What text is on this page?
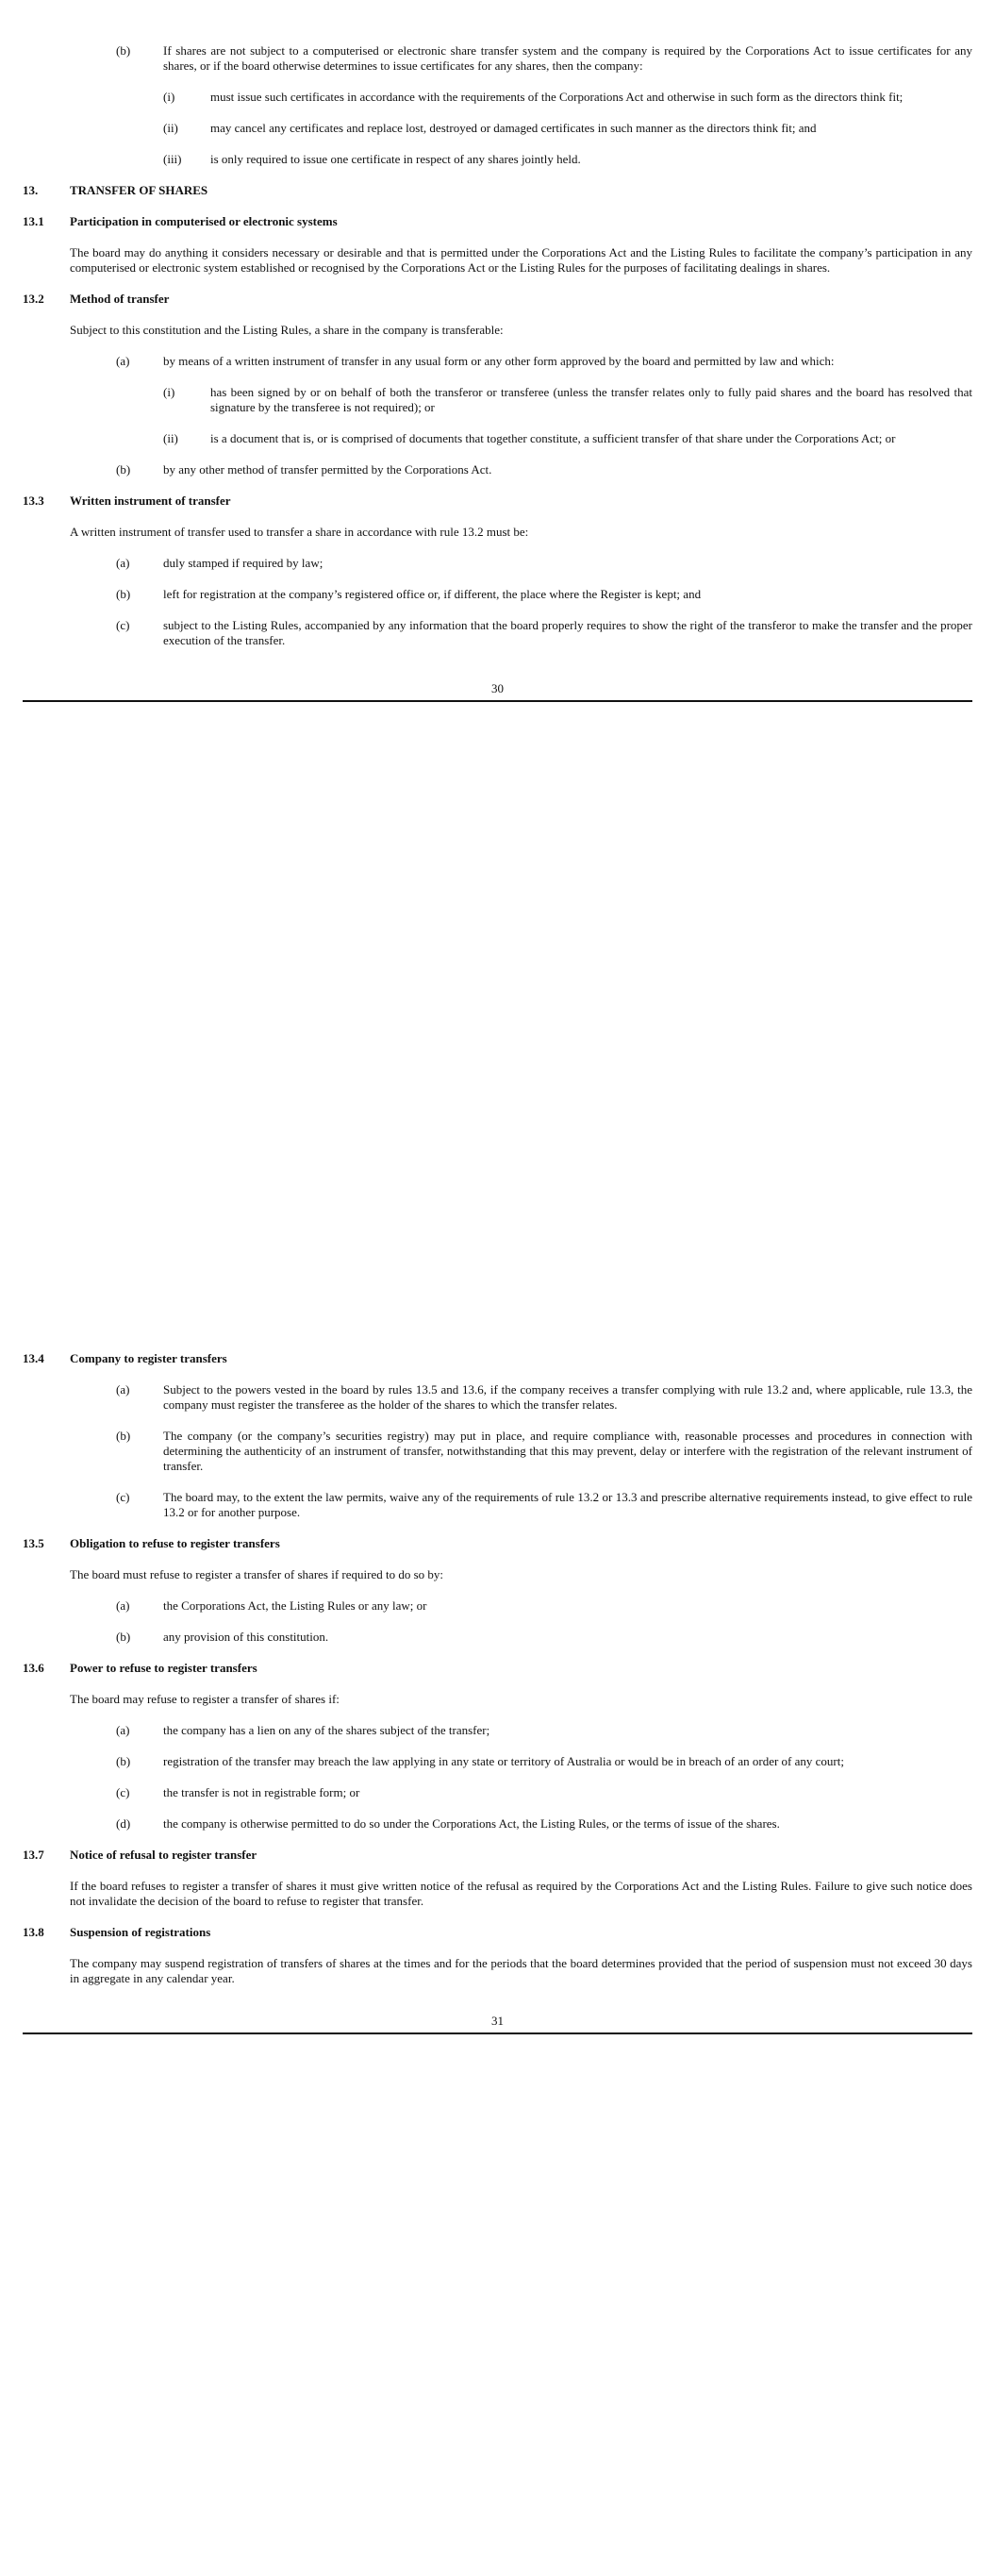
(b)	If shares are not subject to a computerised or electronic share transfer system and the company is required by the Corporations Act to issue certificates for any shares, or if the board otherwise determines to issue certificates for any shares, then the company:
(i)	must issue such certificates in accordance with the requirements of the Corporations Act and otherwise in such form as the directors think fit;
(ii)	may cancel any certificates and replace lost, destroyed or damaged certificates in such manner as the directors think fit; and
(iii) is only required to issue one certificate in respect of any shares jointly held.
13.	TRANSFER OF SHARES
13.1 Participation in computerised or electronic systems
The board may do anything it considers necessary or desirable and that is permitted under the Corporations Act and the Listing Rules to facilitate the company’s participation in any computerised or electronic system established or recognised by the Corporations Act or the Listing Rules for the purposes of facilitating dealings in shares.
13.2 Method of transfer
Subject to this constitution and the Listing Rules, a share in the company is transferable:
(a)	by means of a written instrument of transfer in any usual form or any other form approved by the board and permitted by law and which:
(i)	has been signed by or on behalf of both the transferor or transferee (unless the transfer relates only to fully paid shares and the board has resolved that signature by the transferee is not required); or
(ii)	is a document that is, or is comprised of documents that together constitute, a sufficient transfer of that share under the Corporations Act; or
(b)	by any other method of transfer permitted by the Corporations Act.
13.3 Written instrument of transfer
A written instrument of transfer used to transfer a share in accordance with rule 13.2 must be:
(a)	duly stamped if required by law;
(b)	left for registration at the company’s registered office or, if different, the place where the Register is kept; and
(c)	subject to the Listing Rules, accompanied by any information that the board properly requires to show the right of the transferor to make the transfer and the proper execution of the transfer.
30
13.4 Company to register transfers
(a)	Subject to the powers vested in the board by rules 13.5 and 13.6, if the company receives a transfer complying with rule 13.2 and, where applicable, rule 13.3, the company must register the transferee as the holder of the shares to which the transfer relates.
(b)	The company (or the company’s securities registry) may put in place, and require compliance with, reasonable processes and procedures in connection with determining the authenticity of an instrument of transfer, notwithstanding that this may prevent, delay or interfere with the registration of the relevant instrument of transfer.
(c)	The board may, to the extent the law permits, waive any of the requirements of rule 13.2 or 13.3 and prescribe alternative requirements instead, to give effect to rule 13.2 or for another purpose.
13.5 Obligation to refuse to register transfers
The board must refuse to register a transfer of shares if required to do so by:
(a)	the Corporations Act, the Listing Rules or any law; or
(b)	any provision of this constitution.
13.6 Power to refuse to register transfers
The board may refuse to register a transfer of shares if:
(a)	the company has a lien on any of the shares subject of the transfer;
(b)	registration of the transfer may breach the law applying in any state or territory of Australia or would be in breach of an order of any court;
(c)	the transfer is not in registrable form; or
(d)	the company is otherwise permitted to do so under the Corporations Act, the Listing Rules, or the terms of issue of the shares.
13.7 Notice of refusal to register transfer
If the board refuses to register a transfer of shares it must give written notice of the refusal as required by the Corporations Act and the Listing Rules. Failure to give such notice does not invalidate the decision of the board to refuse to register that transfer.
13.8 Suspension of registrations
The company may suspend registration of transfers of shares at the times and for the periods that the board determines provided that the period of suspension must not exceed 30 days in aggregate in any calendar year.
31
